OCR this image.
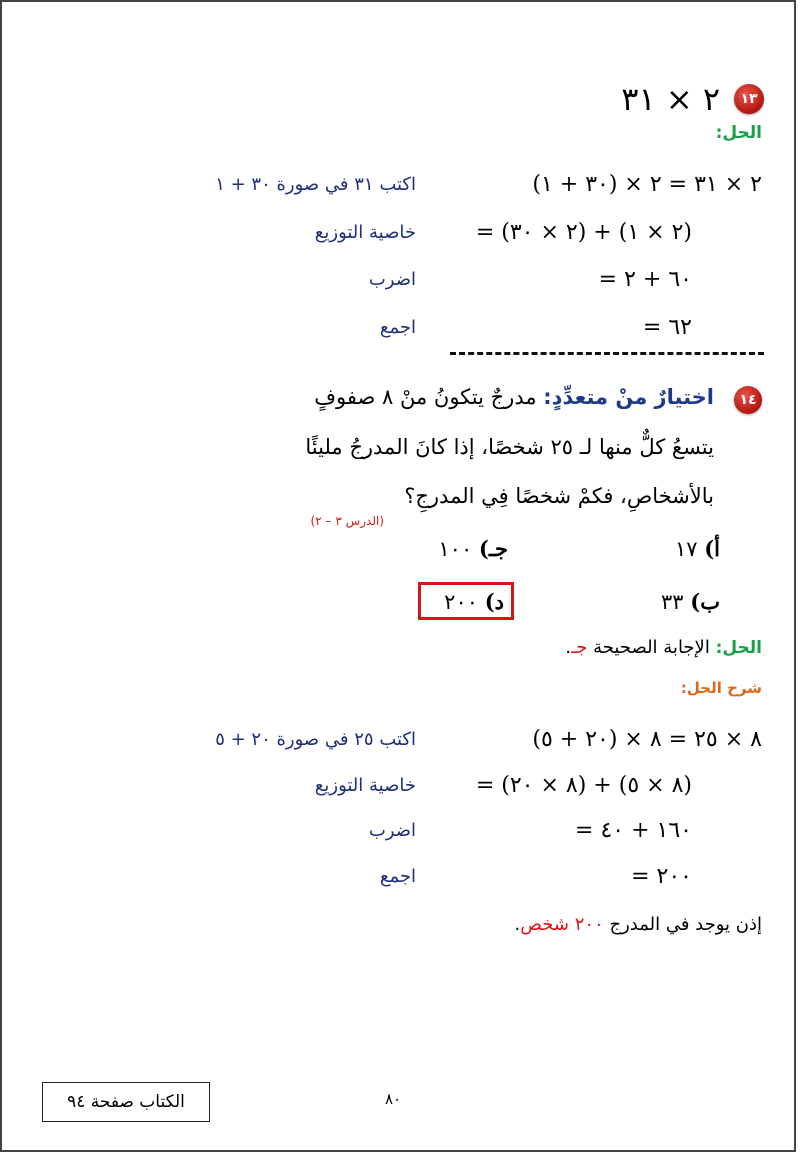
١٣
٢ × ٣١
الحل:
٢ × ٣١ = ٢ × (٣٠ + ١)
اكتب ٣١ في صورة ٣٠ + ١
= (٢ × ٣٠) + (٢ × ١)
خاصية التوزيع
= ٦٠ + ٢
اضرب
= ٦٢
اجمع
١٤
اختيارٌ منْ متعدِّدٍ: مدرجٌ يتكونُ منْ ٨ صفوفٍ
يتسعُ كلٌّ منها لـ ٢٥ شخصًا، إذا كانَ المدرجُ مليئًا
بالأشخاصِ، فكمْ شخصًا فِي المدرجِ؟
(الدرس ٣ – ٢)
أ) ١٧
جـ) ١٠٠
ب) ٣٣
د) ٢٠٠
الحل: الإجابة الصحيحة جـ.
شرح الحل:
٨ × ٢٥ = ٨ × (٢٠ + ٥)
اكتب ٢٥ في صورة ٢٠ + ٥
= (٨ × ٢٠) + (٨ × ٥)
خاصية التوزيع
= ١٦٠ + ٤٠
اضرب
= ٢٠٠
اجمع
إذن يوجد في المدرج ٢٠٠ شخص.
الكتاب صفحة ٩٤	٨٠
